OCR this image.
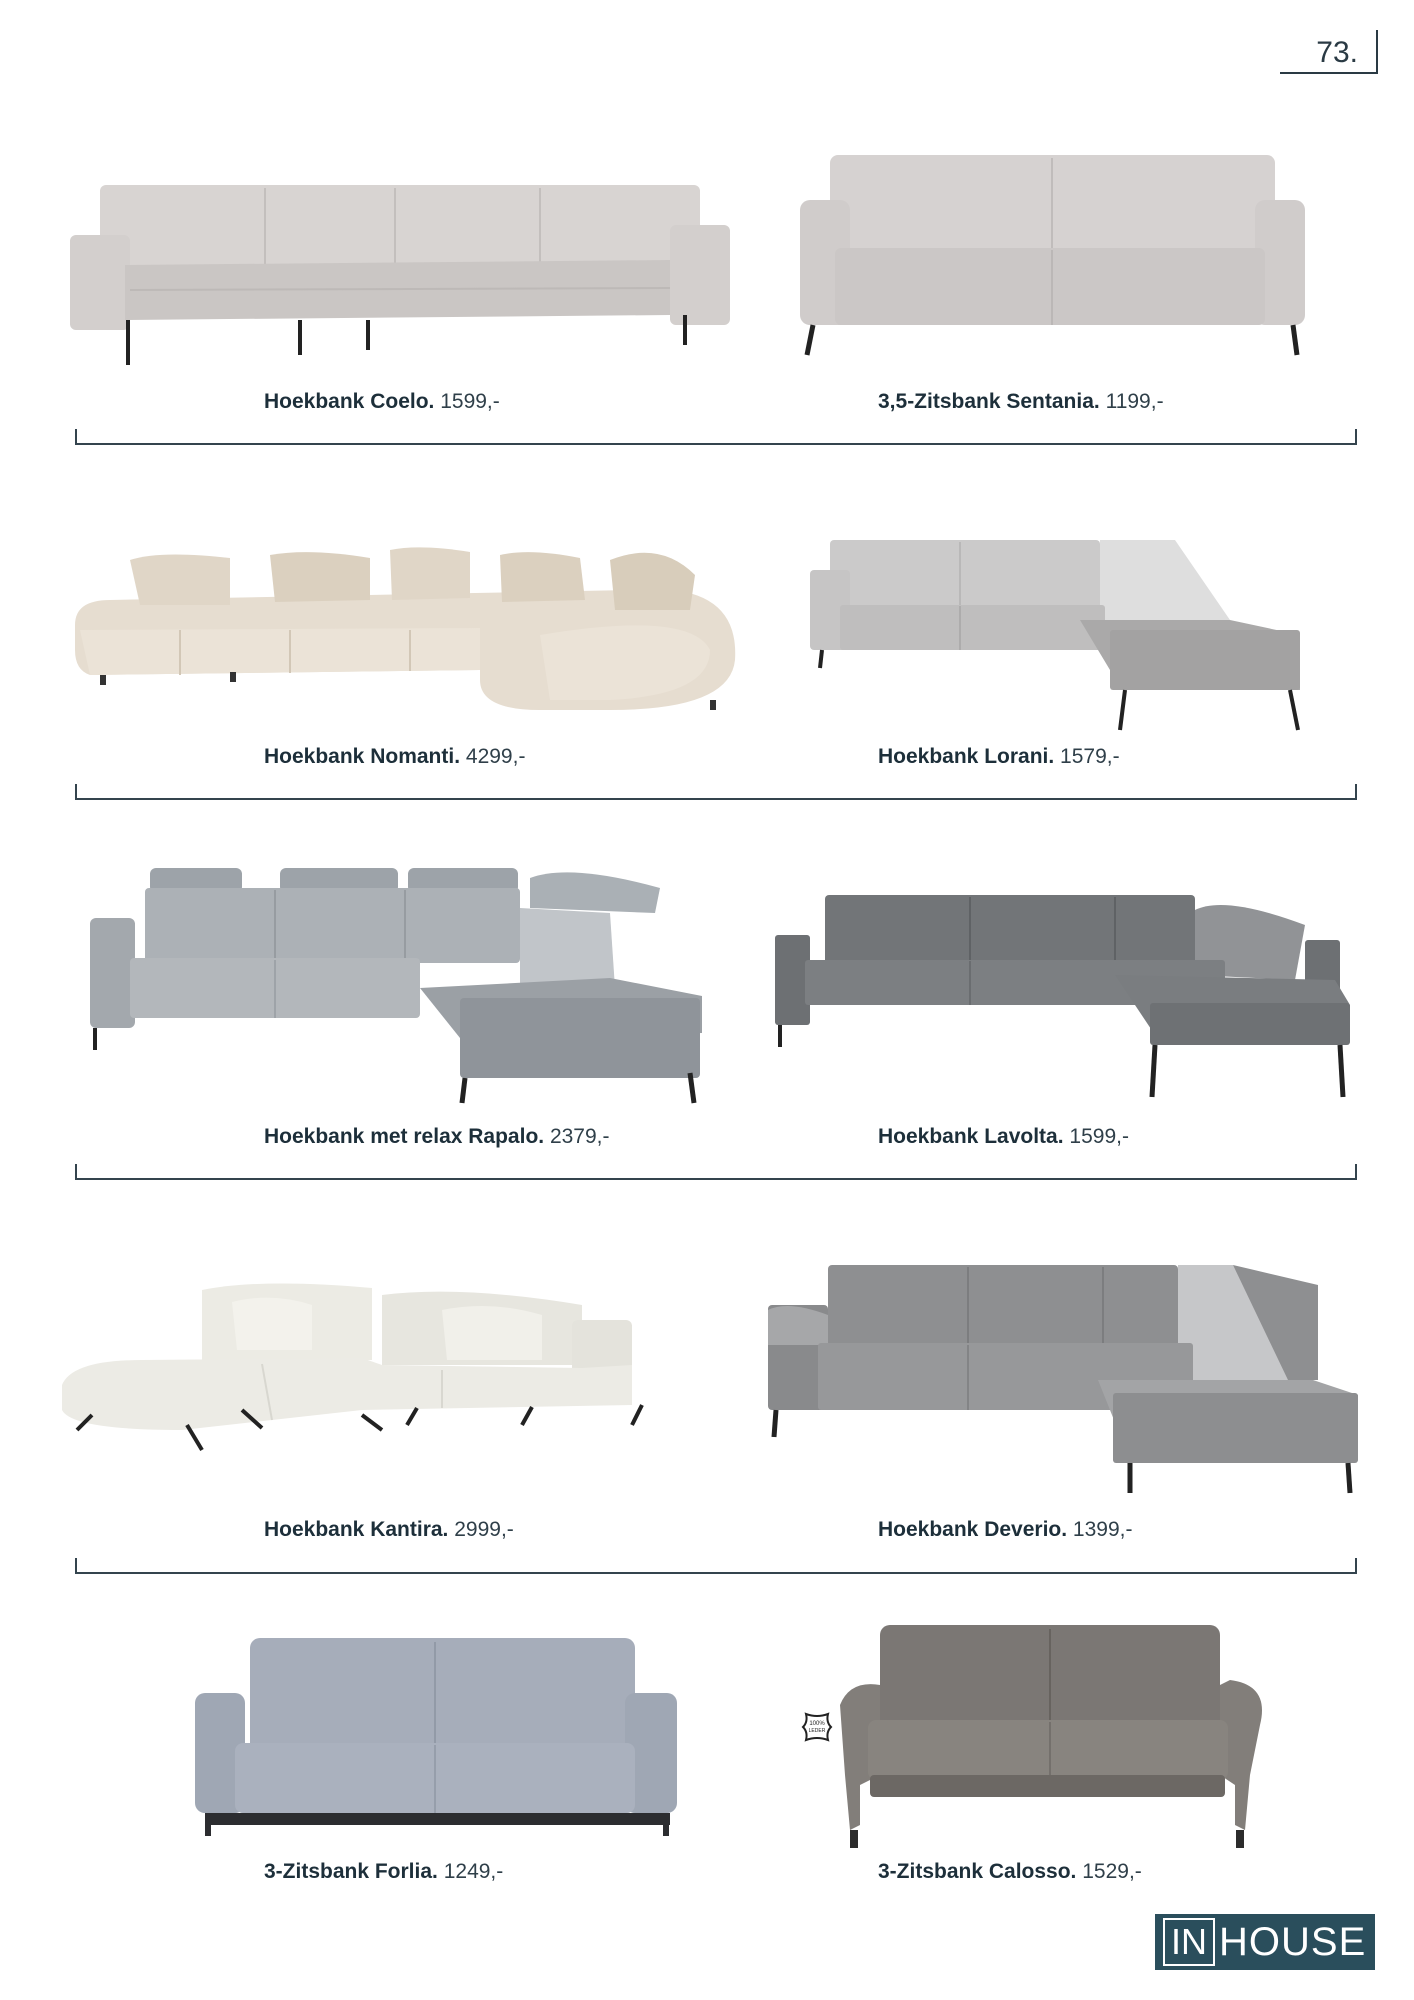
73.
Hoekbank Coelo. 1599,-	3,5-Zitsbank Sentania. 1199,-
Hoekbank Nomanti. 4299,-	Hoekbank Lorani. 1579,-
Hoekbank met relax Rapalo. 2379,-	Hoekbank Lavolta. 1599,-
Hoekbank Kantira. 2999,-	Hoekbank Deverio. 1399,-
3-Zitsbank Forlia. 1249,-
100%
LEDER
3-Zitsbank Calosso. 1529,-
IN HOUSE
